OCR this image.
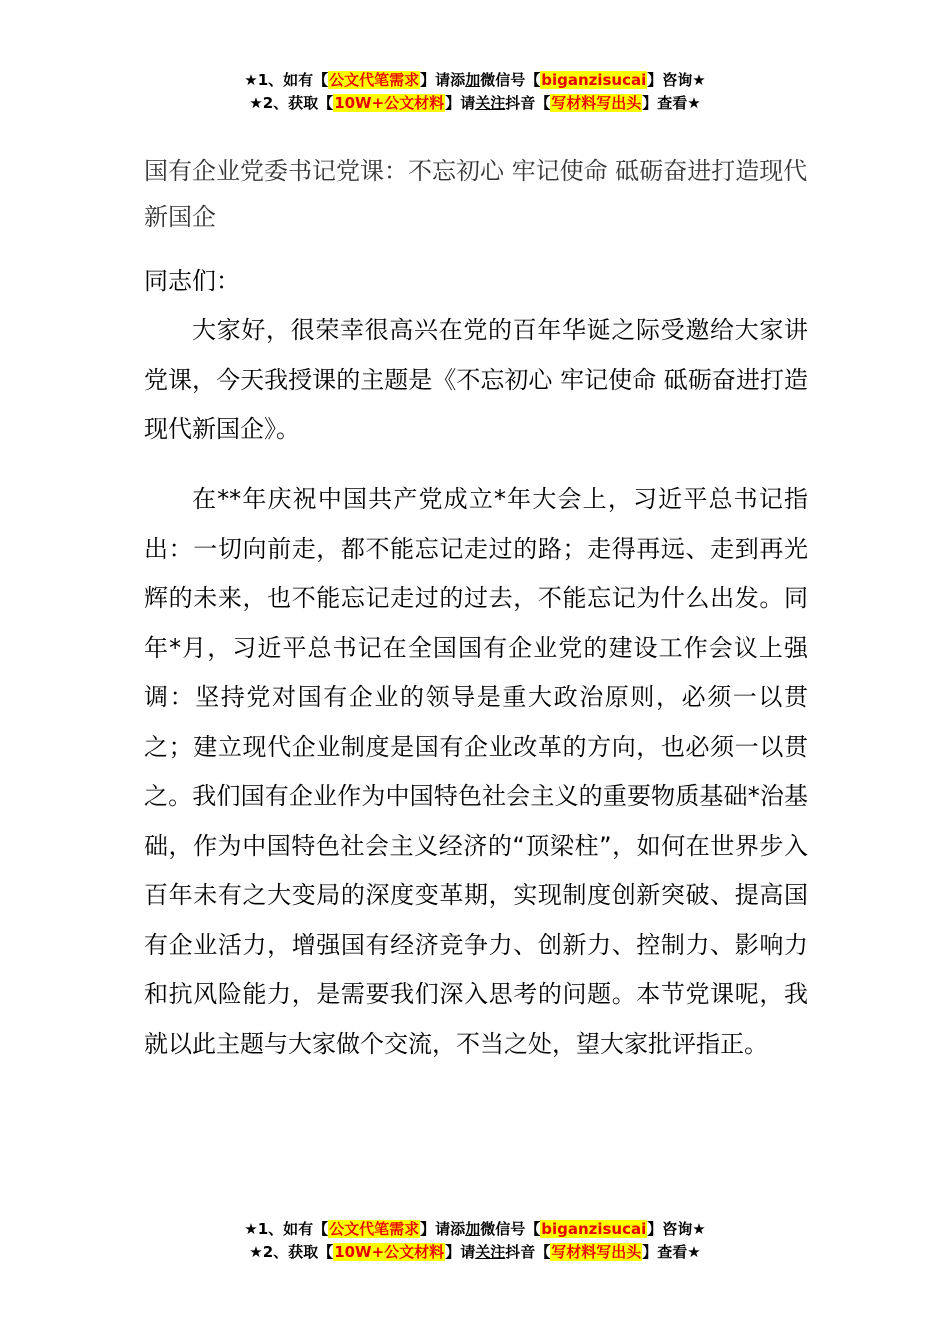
★1、如有【公文代笔需求】请添加微信号【biganzisucai】咨询★
★2、获取【10W+公文材料】请关注抖音【写材料写出头】查看★
国有企业党委书记党课：不忘初心 牢记使命 砥砺奋进打造现代新国企
同志们：
大家好，很荣幸很高兴在党的百年华诞之际受邀给大家讲党课，今天我授课的主题是《不忘初心 牢记使命 砥砺奋进打造现代新国企》。
在**年庆祝中国共产党成立*年大会上，习近平总书记指出：一切向前走，都不能忘记走过的路；走得再远、走到再光辉的未来，也不能忘记走过的过去，不能忘记为什么出发。同年*月，习近平总书记在全国国有企业党的建设工作会议上强调：坚持党对国有企业的领导是重大政治原则，必须一以贯之；建立现代企业制度是国有企业改革的方向，也必须一以贯之。我们国有企业作为中国特色社会主义的重要物质基础*治基础，作为中国特色社会主义经济的“顶梁柱”，如何在世界步入百年未有之大变局的深度变革期，实现制度创新突破、提高国有企业活力，增强国有经济竞争力、创新力、控制力、影响力和抗风险能力，是需要我们深入思考的问题。本节党课呢，我就以此主题与大家做个交流，不当之处，望大家批评指正。
★1、如有【公文代笔需求】请添加微信号【biganzisucai】咨询★
★2、获取【10W+公文材料】请关注抖音【写材料写出头】查看★
